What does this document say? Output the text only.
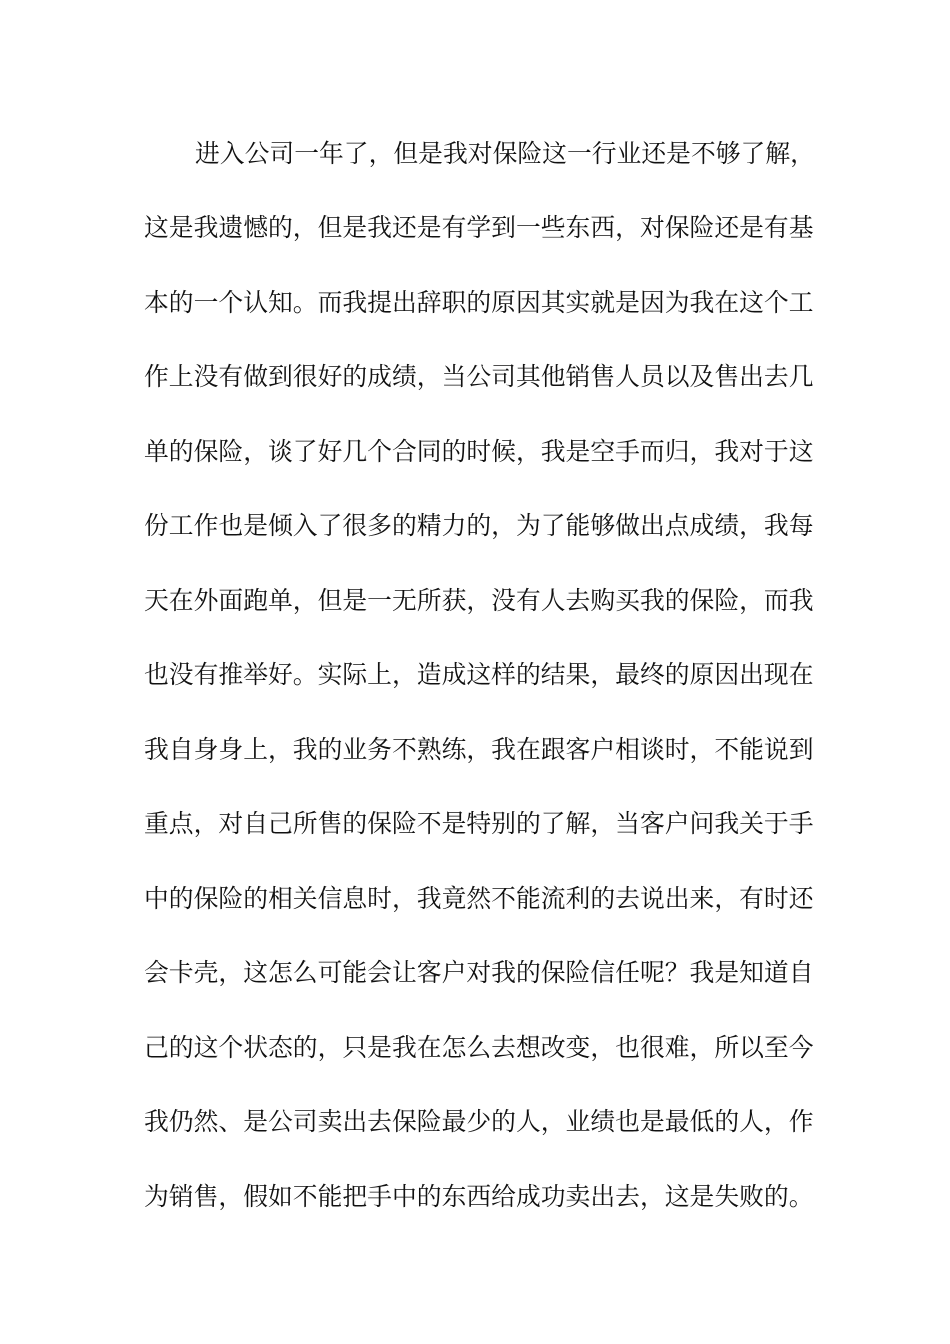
进入公司一年了，但是我对保险这一行业还是不够了解，
这是我遗憾的，但是我还是有学到一些东西，对保险还是有基
本的一个认知。而我提出辞职的原因其实就是因为我在这个工
作上没有做到很好的成绩，当公司其他销售人员以及售出去几
单的保险，谈了好几个合同的时候，我是空手而归，我对于这
份工作也是倾入了很多的精力的，为了能够做出点成绩，我每
天在外面跑单，但是一无所获，没有人去购买我的保险，而我
也没有推举好。实际上，造成这样的结果，最终的原因出现在
我自身身上，我的业务不熟练，我在跟客户相谈时，不能说到
重点，对自己所售的保险不是特别的了解，当客户问我关于手
中的保险的相关信息时，我竟然不能流利的去说出来，有时还
会卡壳，这怎么可能会让客户对我的保险信任呢？我是知道自
己的这个状态的，只是我在怎么去想改变，也很难，所以至今
我仍然、是公司卖出去保险最少的人，业绩也是最低的人，作
为销售，假如不能把手中的东西给成功卖出去，这是失败的。
